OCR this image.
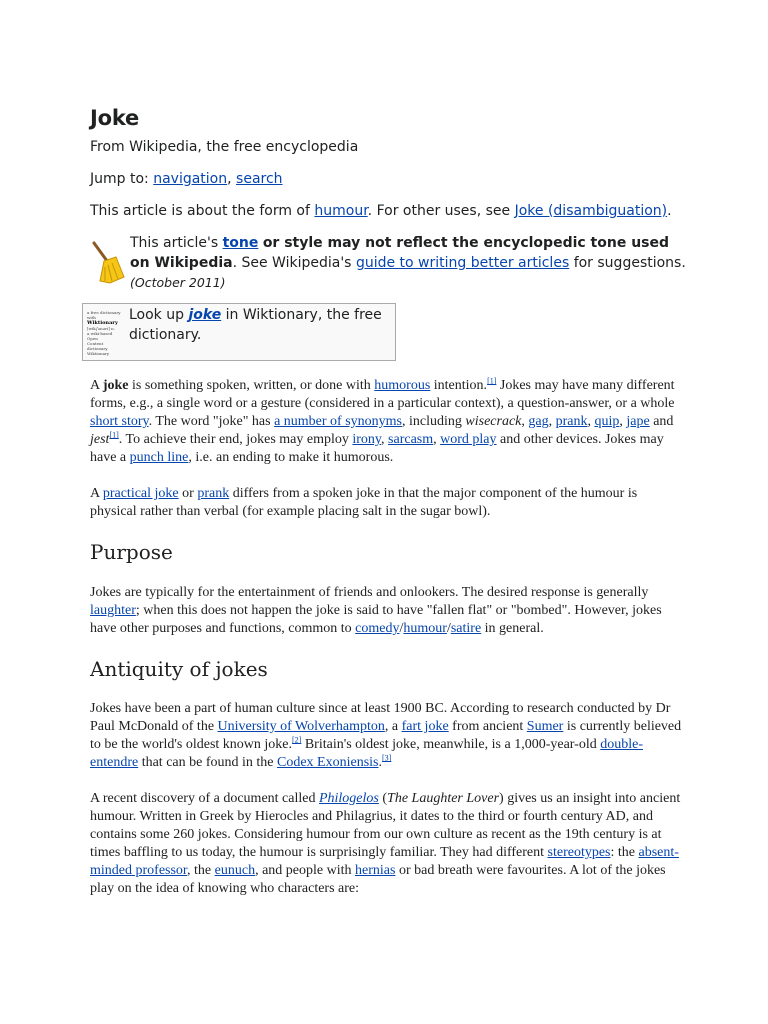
Joke
From Wikipedia, the free encyclopedia
Jump to: navigation, search
This article is about the form of humour. For other uses, see Joke (disambiguation).
This article's tone or style may not reflect the encyclopedic tone used on Wikipedia. See Wikipedia's guide to writing better articles for suggestions.
(October 2011)
a free dictionary with
Wiktionary
[wik∫ənəri] n.
a wiki-based Open
Content dictionary
Wiktionary
Look up joke in Wiktionary, the free dictionary.
A joke is something spoken, written, or done with humorous intention.[1] Jokes may have many different forms, e.g., a single word or a gesture (considered in a particular context), a question-answer, or a whole short story. The word "joke" has a number of synonyms, including wisecrack, gag, prank, quip, jape and jest[1]. To achieve their end, jokes may employ irony, sarcasm, word play and other devices. Jokes may have a punch line, i.e. an ending to make it humorous.
A practical joke or prank differs from a spoken joke in that the major component of the humour is physical rather than verbal (for example placing salt in the sugar bowl).
Purpose
Jokes are typically for the entertainment of friends and onlookers. The desired response is generally laughter; when this does not happen the joke is said to have "fallen flat" or "bombed". However, jokes have other purposes and functions, common to comedy/humour/satire in general.
Antiquity of jokes
Jokes have been a part of human culture since at least 1900 BC. According to research conducted by Dr Paul McDonald of the University of Wolverhampton, a fart joke from ancient Sumer is currently believed to be the world's oldest known joke.[2] Britain's oldest joke, meanwhile, is a 1,000-year-old double-entendre that can be found in the Codex Exoniensis.[3]
A recent discovery of a document called Philogelos (The Laughter Lover) gives us an insight into ancient humour. Written in Greek by Hierocles and Philagrius, it dates to the third or fourth century AD, and contains some 260 jokes. Considering humour from our own culture as recent as the 19th century is at times baffling to us today, the humour is surprisingly familiar. They had different stereotypes: the absent-minded professor, the eunuch, and people with hernias or bad breath were favourites. A lot of the jokes play on the idea of knowing who characters are:
